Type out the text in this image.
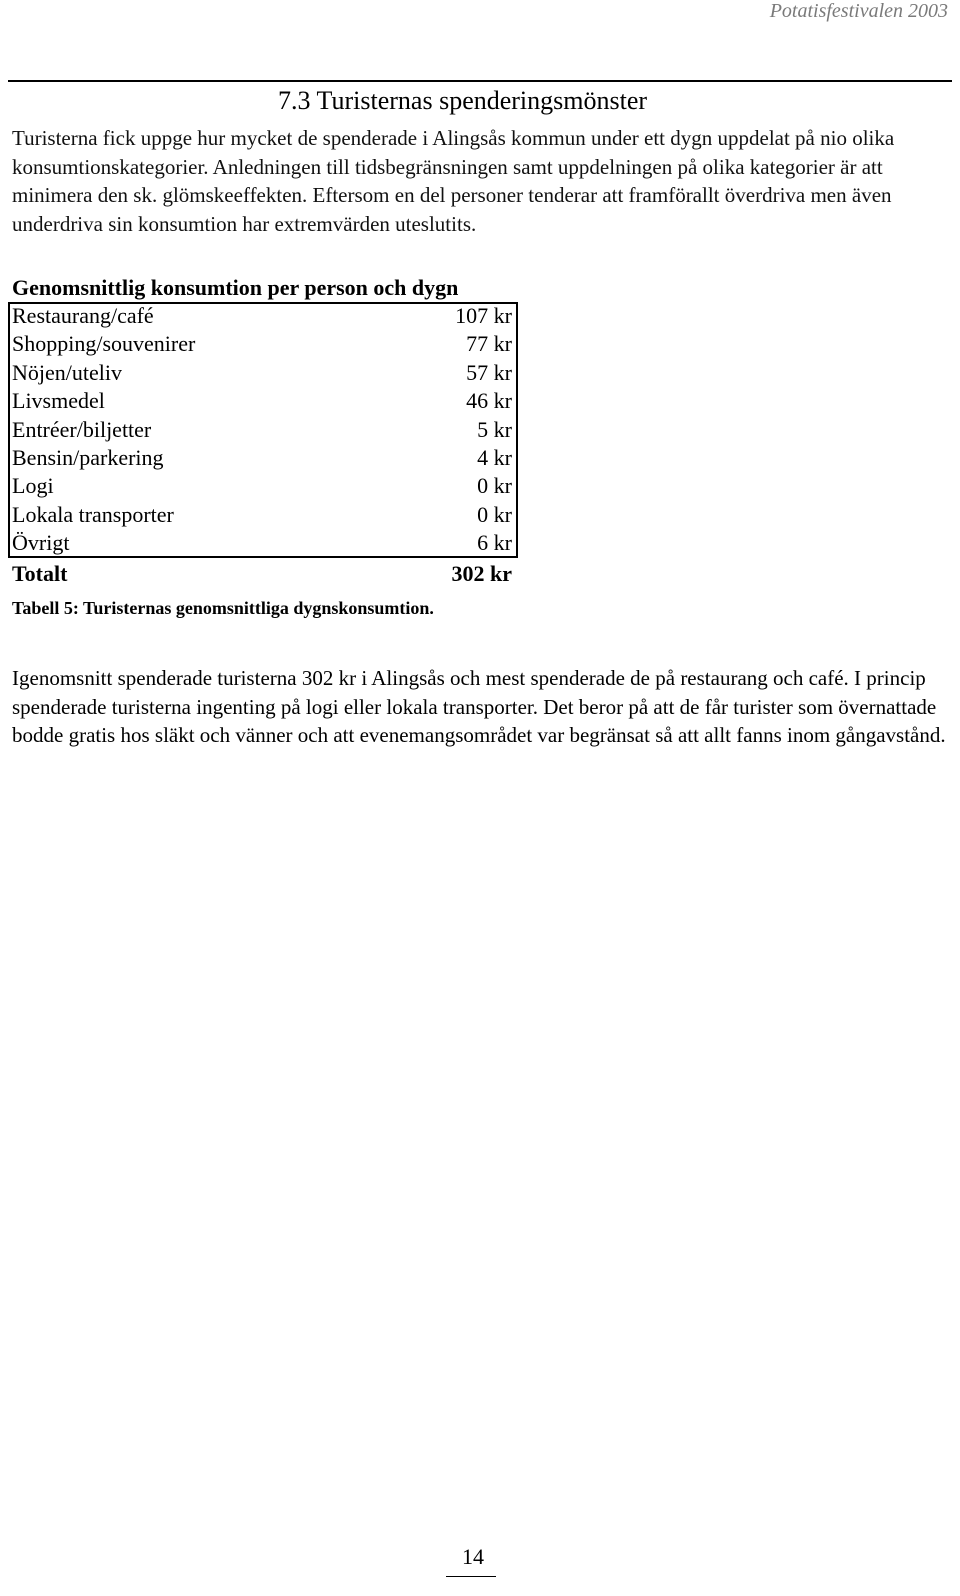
Potatisfestivalen 2003
7.3 Turisternas spenderingsmönster

Turisterna fick uppge hur mycket de spenderade i Alingsås kommun under ett dygn uppdelat på nio olika konsumtionskategorier. Anledningen till tidsbegränsningen samt uppdelningen på olika kategorier är att minimera den sk. glömskeeffekten. Eftersom en del personer tenderar att framförallt överdriva men även underdriva sin konsumtion har extremvärden uteslutits.

Genomsnittlig konsumtion per person och dygn
Restaurang/café	107 kr
Shopping/souvenirer	77 kr
Nöjen/uteliv	57 kr
Livsmedel	46 kr
Entréer/biljetter	5 kr
Bensin/parkering	4 kr
Logi	0 kr
Lokala transporter	0 kr
Övrigt	6 kr
Totalt	302 kr
Tabell 5: Turisternas genomsnittliga dygnskonsumtion.

Igenomsnitt spenderade turisterna 302 kr i Alingsås och mest spenderade de på restaurang och café. I princip spenderade turisterna ingenting på logi eller lokala transporter. Det beror på att de får turister som övernattade bodde gratis hos släkt och vänner och att evenemangsområdet var begränsat så att allt fanns inom gångavstånd.

14
